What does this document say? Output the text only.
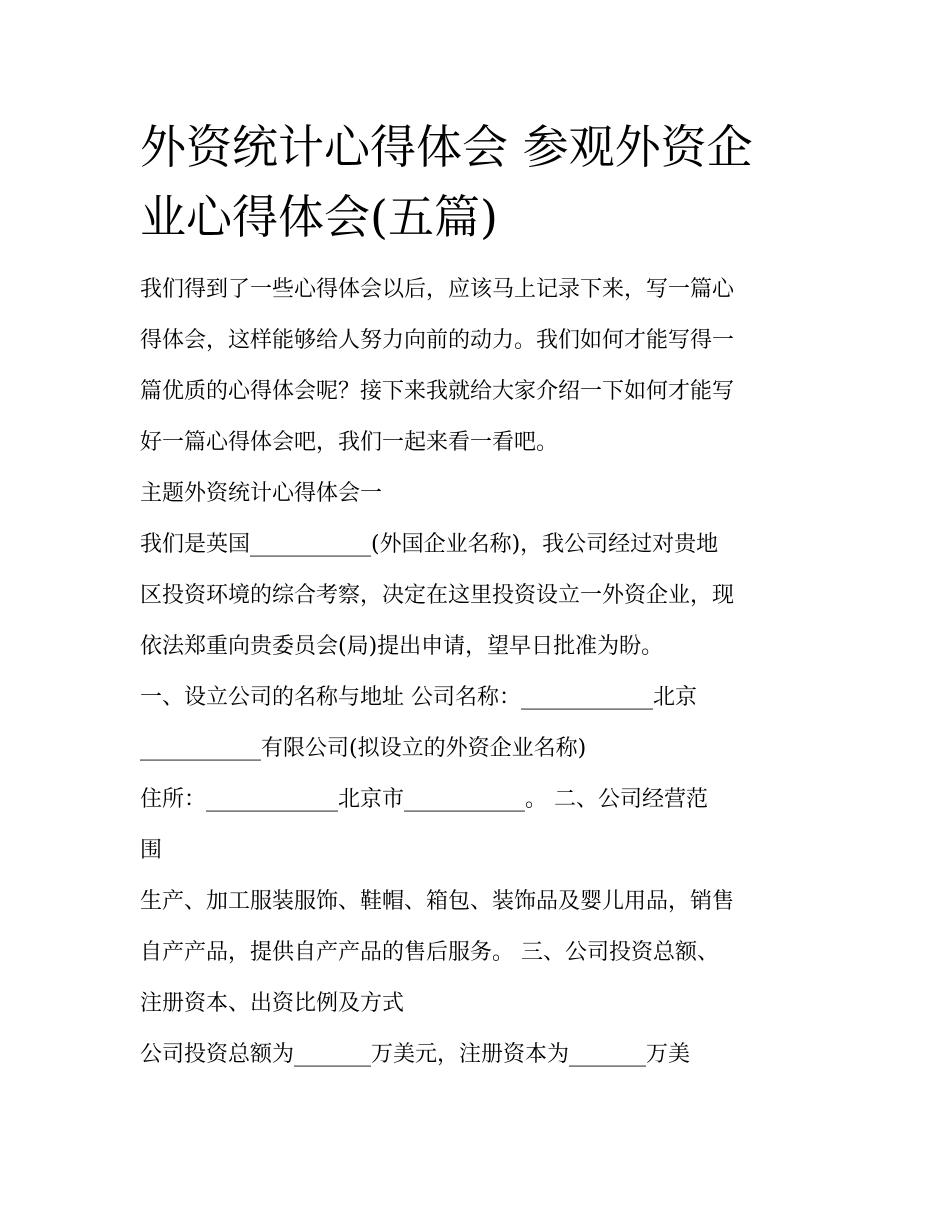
外资统计心得体会 参观外资企
业心得体会(五篇)

我们得到了一些心得体会以后，应该马上记录下来，写一篇心
得体会，这样能够给人努力向前的动力。我们如何才能写得一
篇优质的心得体会呢？接下来我就给大家介绍一下如何才能写
好一篇心得体会吧，我们一起来看一看吧。

主题外资统计心得体会一

我们是英国___________(外国企业名称)，我公司经过对贵地
区投资环境的综合考察，决定在这里投资设立一外资企业，现
依法郑重向贵委员会(局)提出申请，望早日批准为盼。

一、设立公司的名称与地址 公司名称：____________北京
___________有限公司(拟设立的外资企业名称)

住所：____________北京市___________。 二、公司经营范
围

生产、加工服装服饰、鞋帽、箱包、装饰品及婴儿用品，销售
自产产品，提供自产产品的售后服务。 三、公司投资总额、
注册资本、出资比例及方式

公司投资总额为_______万美元，注册资本为_______万美
